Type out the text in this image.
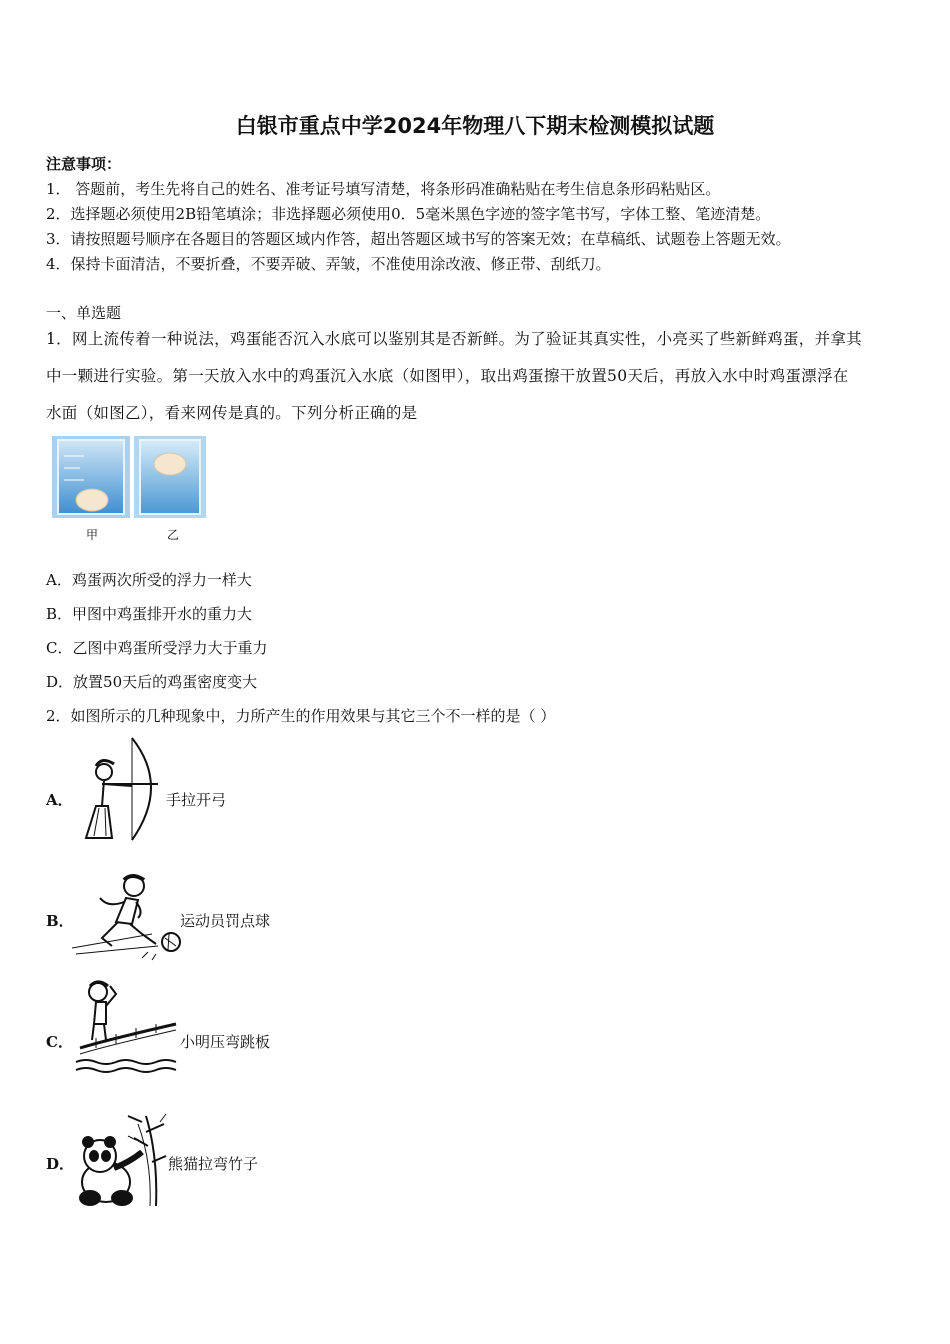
白银市重点中学2024年物理八下期末检测模拟试题
注意事项：
1． 答题前，考生先将自己的姓名、准考证号填写清楚，将条形码准确粘贴在考生信息条形码粘贴区。
2．选择题必须使用2B铅笔填涂；非选择题必须使用0．5毫米黑色字迹的签字笔书写，字体工整、笔迹清楚。
3．请按照题号顺序在各题目的答题区域内作答，超出答题区域书写的答案无效；在草稿纸、试题卷上答题无效。
4．保持卡面清洁，不要折叠，不要弄破、弄皱，不准使用涂改液、修正带、刮纸刀。
一、单选题
1．网上流传着一种说法，鸡蛋能否沉入水底可以鉴别其是否新鲜。为了验证其真实性，小亮买了些新鲜鸡蛋，并拿其
中一颗进行实验。第一天放入水中的鸡蛋沉入水底（如图甲），取出鸡蛋擦干放置50天后，再放入水中时鸡蛋漂浮在
水面（如图乙），看来网传是真的。下列分析正确的是
甲	乙
A．鸡蛋两次所受的浮力一样大
B．甲图中鸡蛋排开水的重力大
C．乙图中鸡蛋所受浮力大于重力
D．放置50天后的鸡蛋密度变大
2．如图所示的几种现象中，力所产生的作用效果与其它三个不一样的是（ ）
A．	手拉开弓
B．	运动员罚点球
C．	小明压弯跳板
D．	熊猫拉弯竹子
